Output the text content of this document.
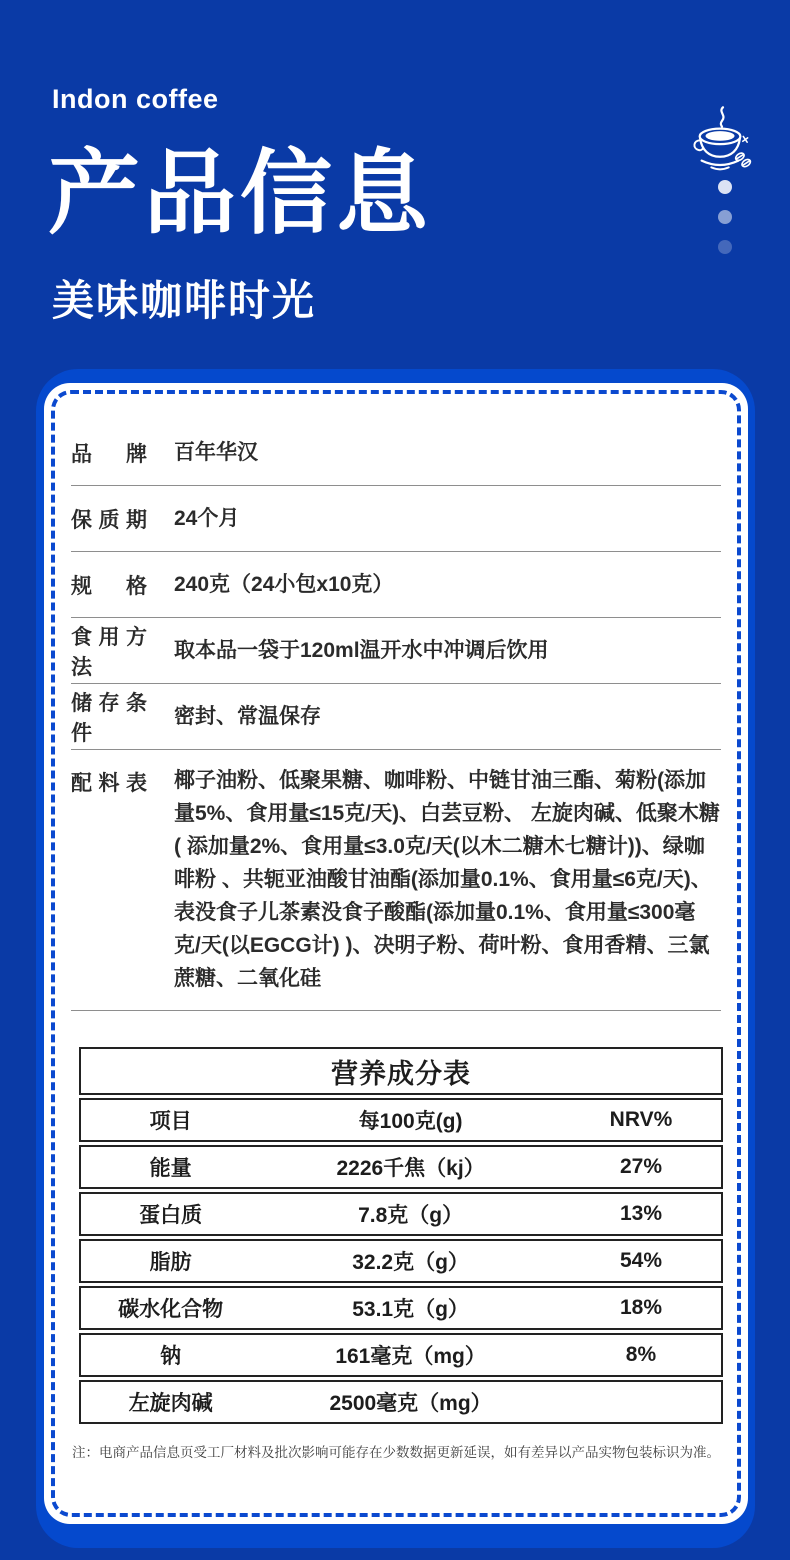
Indon coffee
产品信息
美味咖啡时光
品牌 百年华汉
保质期 24个月
规格 240克（24小包x10克）
食用方法
取本品一袋于120ml温开水中冲调后饮用
储存条件
密封、常温保存
配料表 椰子油粉、低聚果糖、咖啡粉、中链甘油三酯、菊粉(添加量5%、食用量≤15克/天)、白芸豆粉、 左旋肉碱、低聚木糖( 添加量2%、食用量≤3.0克/天(以木二糖木七糖计))、绿咖啡粉 、共轭亚油酸甘油酯(添加量0.1%、食用量≤6克/天)、表没食子儿茶素没食子酸酯(添加量0.1%、食用量≤300毫克/天(以EGCG计) )、决明子粉、荷叶粉、食用香精、三氯蔗糖、二氧化硅
营养成分表
项目	每100克(g)	NRV%
能量	2226千焦（kj）	27%
蛋白质	7.8克（g）	13%
脂肪	32.2克（g）	54%
碳水化合物	53.1克（g）	18%
钠	161毫克（mg）	8%
左旋肉碱	2500毫克（mg）
注：电商产品信息页受工厂材料及批次影响可能存在少数数据更新延误，如有差异以产品实物包装标识为准。
